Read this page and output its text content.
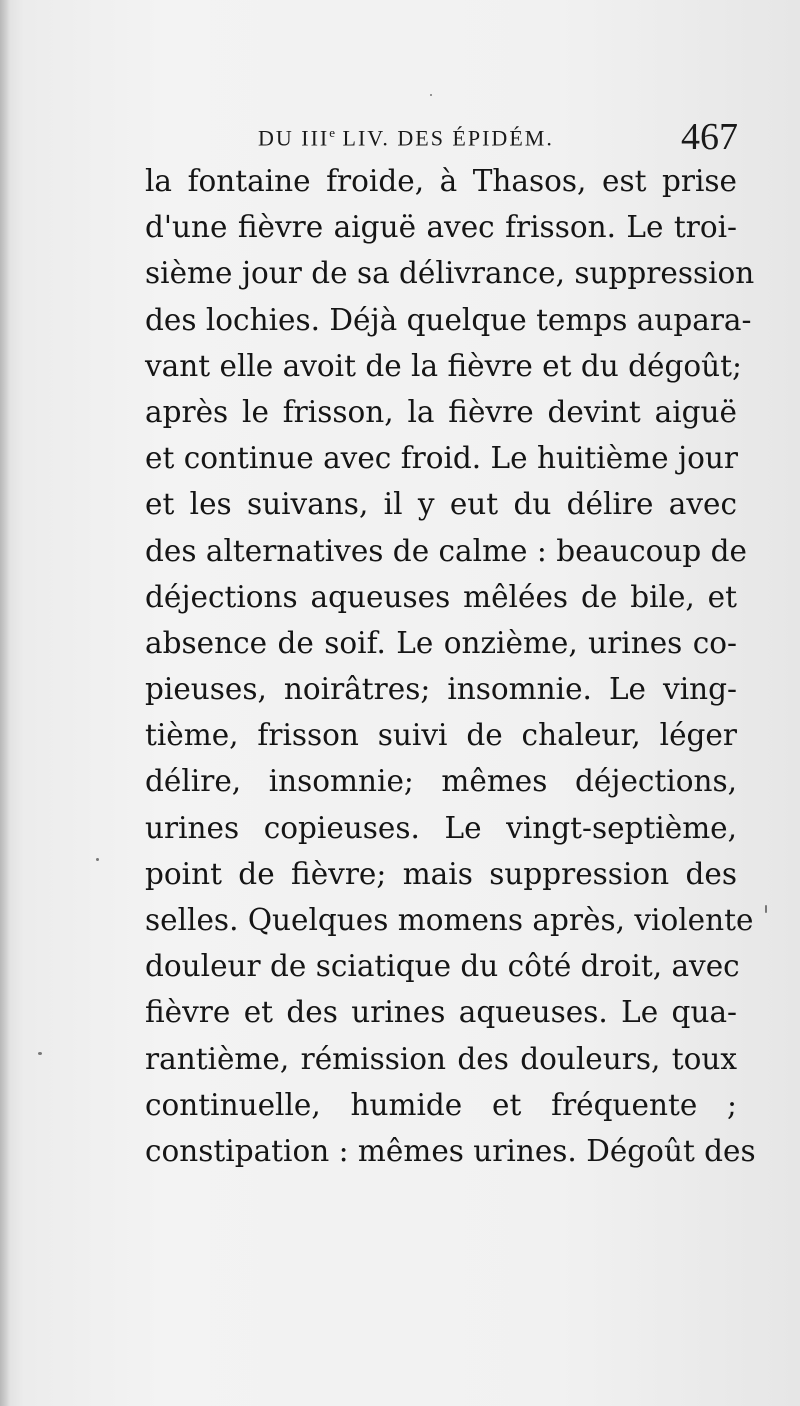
DU IIIe LIV. DES ÉPIDÉM.	467
la fontaine froide, à Thasos, est prise
d'une fièvre aiguë avec frisson. Le troi-
sième jour de sa délivrance, suppression
des lochies. Déjà quelque temps aupara-
vant elle avoit de la fièvre et du dégoût;
après le frisson, la fièvre devint aiguë
et continue avec froid. Le huitième jour
et les suivans, il y eut du délire avec
des alternatives de calme : beaucoup de
déjections aqueuses mêlées de bile, et
absence de soif. Le onzième, urines co-
pieuses, noirâtres; insomnie. Le ving-
tième, frisson suivi de chaleur, léger
délire, insomnie; mêmes déjections,
urines copieuses. Le vingt-septième,
point de fièvre; mais suppression des
selles. Quelques momens après, violente
douleur de sciatique du côté droit, avec
fièvre et des urines aqueuses. Le qua-
rantième, rémission des douleurs, toux
continuelle, humide et fréquente ;
constipation : mêmes urines. Dégoût des
